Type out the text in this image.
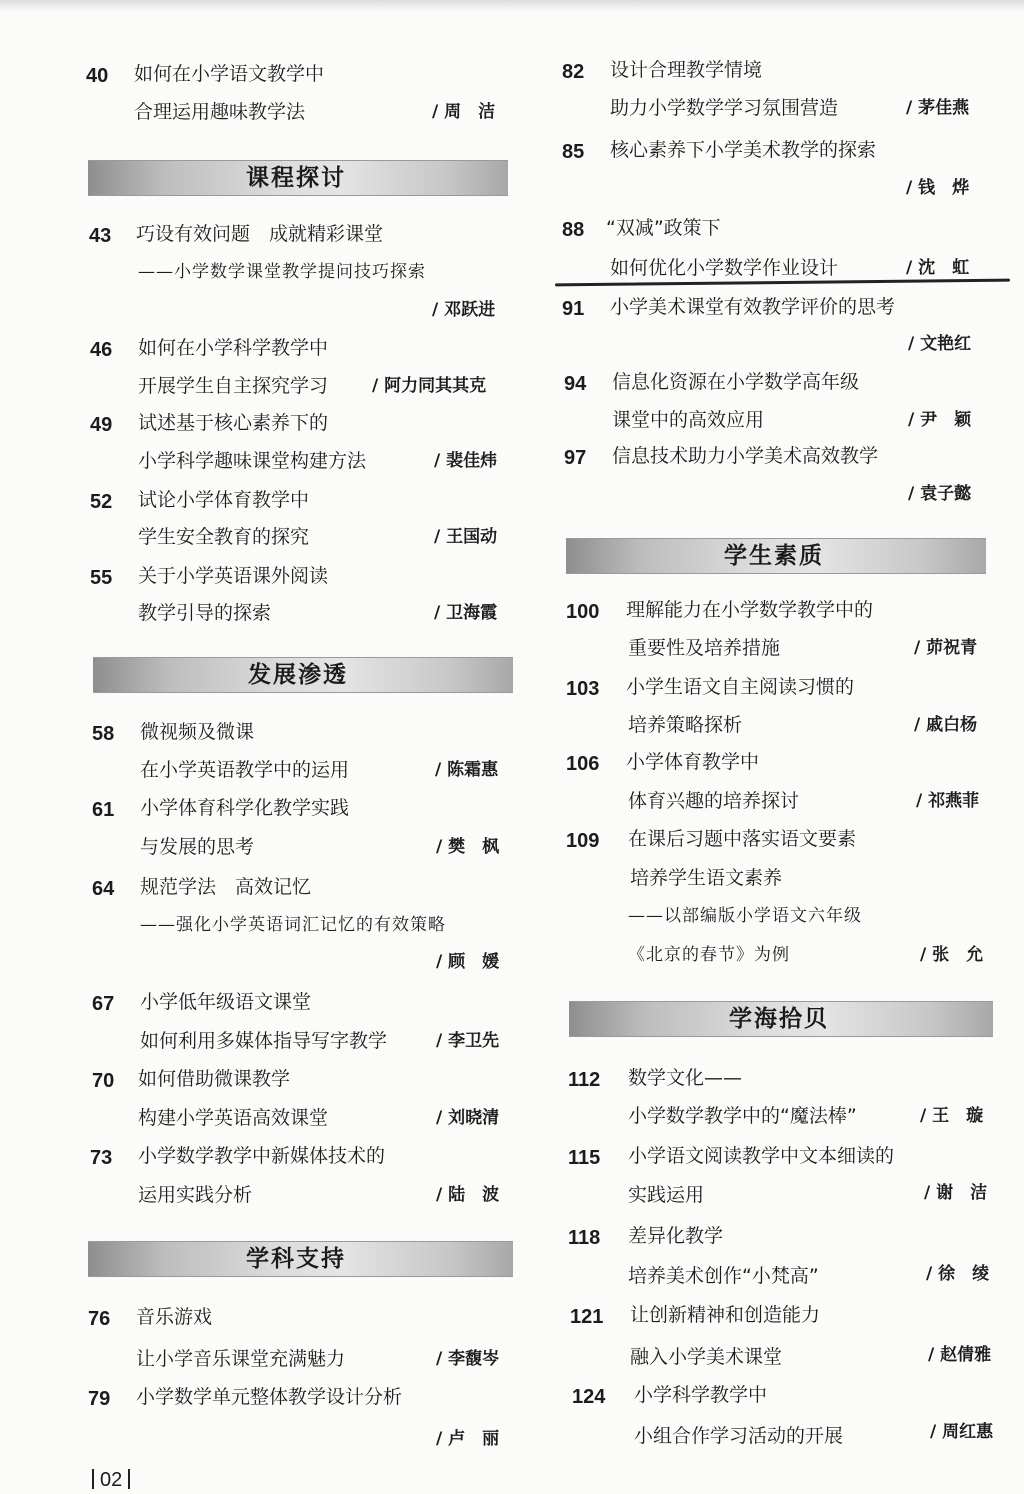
40 如何在小学语文教学中
合理运用趣味教学法	/ 周　洁
课程探讨
43 巧设有效问题　成就精彩课堂
——小学数学课堂教学提问技巧探索
/ 邓跃进
46 如何在小学科学教学中
开展学生自主探究学习	/ 阿力同其其克
49 试述基于核心素养下的
小学科学趣味课堂构建方法	/ 裴佳炜
52 试论小学体育教学中
学生安全教育的探究	/ 王国动
55 关于小学英语课外阅读
教学引导的探索	/ 卫海霞
发展渗透
58 微视频及微课
在小学英语教学中的运用	/ 陈霜惠
61 小学体育科学化教学实践
与发展的思考	/ 樊　枫
64 规范学法　高效记忆
——强化小学英语词汇记忆的有效策略
/ 顾　媛
67 小学低年级语文课堂
如何利用多媒体指导写字教学	/ 李卫先
70 如何借助微课教学
构建小学英语高效课堂	/ 刘晓清
73 小学数学教学中新媒体技术的
运用实践分析	/ 陆　波
学科支持
76 音乐游戏
让小学音乐课堂充满魅力	/ 李馥岑
79 小学数学单元整体教学设计分析
/ 卢　丽
82 设计合理教学情境
助力小学数学学习氛围营造	/ 茅佳燕
85 核心素养下小学美术教学的探索
/ 钱　烨
88 “双减”政策下
如何优化小学数学作业设计	/ 沈　虹
91 小学美术课堂有效教学评价的思考
/ 文艳红
94 信息化资源在小学数学高年级
课堂中的高效应用	/ 尹　颖
97 信息技术助力小学美术高效教学
/ 袁子懿
学生素质
100 理解能力在小学数学教学中的
重要性及培养措施	/ 茆祝青
103 小学生语文自主阅读习惯的
培养策略探析	/ 戚白杨
106 小学体育教学中
体育兴趣的培养探讨	/ 祁燕菲
109 在课后习题中落实语文要素
培养学生语文素养
——以部编版小学语文六年级
《北京的春节》为例	/ 张　允
学海拾贝
112 数学文化——
小学数学教学中的“魔法棒”	/ 王　璇
115 小学语文阅读教学中文本细读的
实践运用	/ 谢　洁
118 差异化教学
培养美术创作“小梵高”	/ 徐　绫
121 让创新精神和创造能力
融入小学美术课堂	/ 赵倩雅
124 小学科学教学中
小组合作学习活动的开展	/ 周红惠
02
